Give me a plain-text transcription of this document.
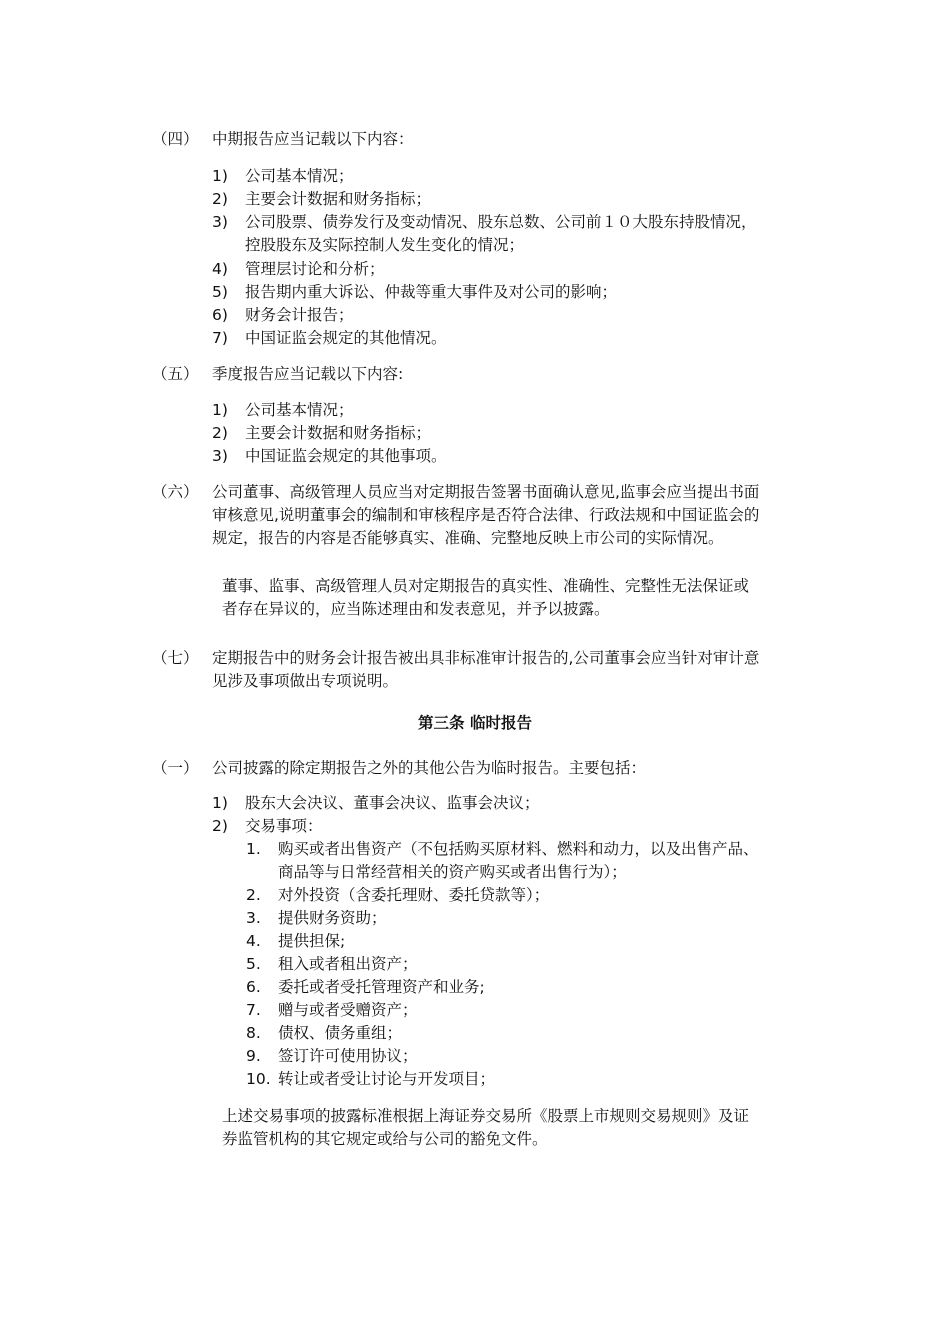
（四） 中期报告应当记载以下内容：
1) 公司基本情况；
2) 主要会计数据和财务指标；
3) 公司股票、债券发行及变动情况、股东总数、公司前１０大股东持股情况，
控股股东及实际控制人发生变化的情况；
4) 管理层讨论和分析；
5) 报告期内重大诉讼、仲裁等重大事件及对公司的影响；
6) 财务会计报告；
7) 中国证监会规定的其他情况。
（五） 季度报告应当记载以下内容:
1) 公司基本情况；
2) 主要会计数据和财务指标；
3) 中国证监会规定的其他事项。
（六） 公司董事、高级管理人员应当对定期报告签署书面确认意见,监事会应当提出书面
审核意见,说明董事会的编制和审核程序是否符合法律、行政法规和中国证监会的
规定，报告的内容是否能够真实、准确、完整地反映上市公司的实际情况。
董事、监事、高级管理人员对定期报告的真实性、准确性、完整性无法保证或
者存在异议的，应当陈述理由和发表意见，并予以披露。
（七） 定期报告中的财务会计报告被出具非标准审计报告的,公司董事会应当针对审计意
见涉及事项做出专项说明。
第三条 临时报告
（一） 公司披露的除定期报告之外的其他公告为临时报告。主要包括：
1) 股东大会决议、董事会决议、监事会决议；
2) 交易事项：
1. 购买或者出售资产（不包括购买原材料、燃料和动力，以及出售产品、
商品等与日常经营相关的资产购买或者出售行为）；
2. 对外投资（含委托理财、委托贷款等）；
3. 提供财务资助；
4. 提供担保;
5. 租入或者租出资产；
6. 委托或者受托管理资产和业务;
7. 赠与或者受赠资产；
8. 债权、债务重组；
9. 签订许可使用协议；
10. 转让或者受让讨论与开发项目；
上述交易事项的披露标准根据上海证券交易所《股票上市规则交易规则》及证
券监管机构的其它规定或给与公司的豁免文件。
